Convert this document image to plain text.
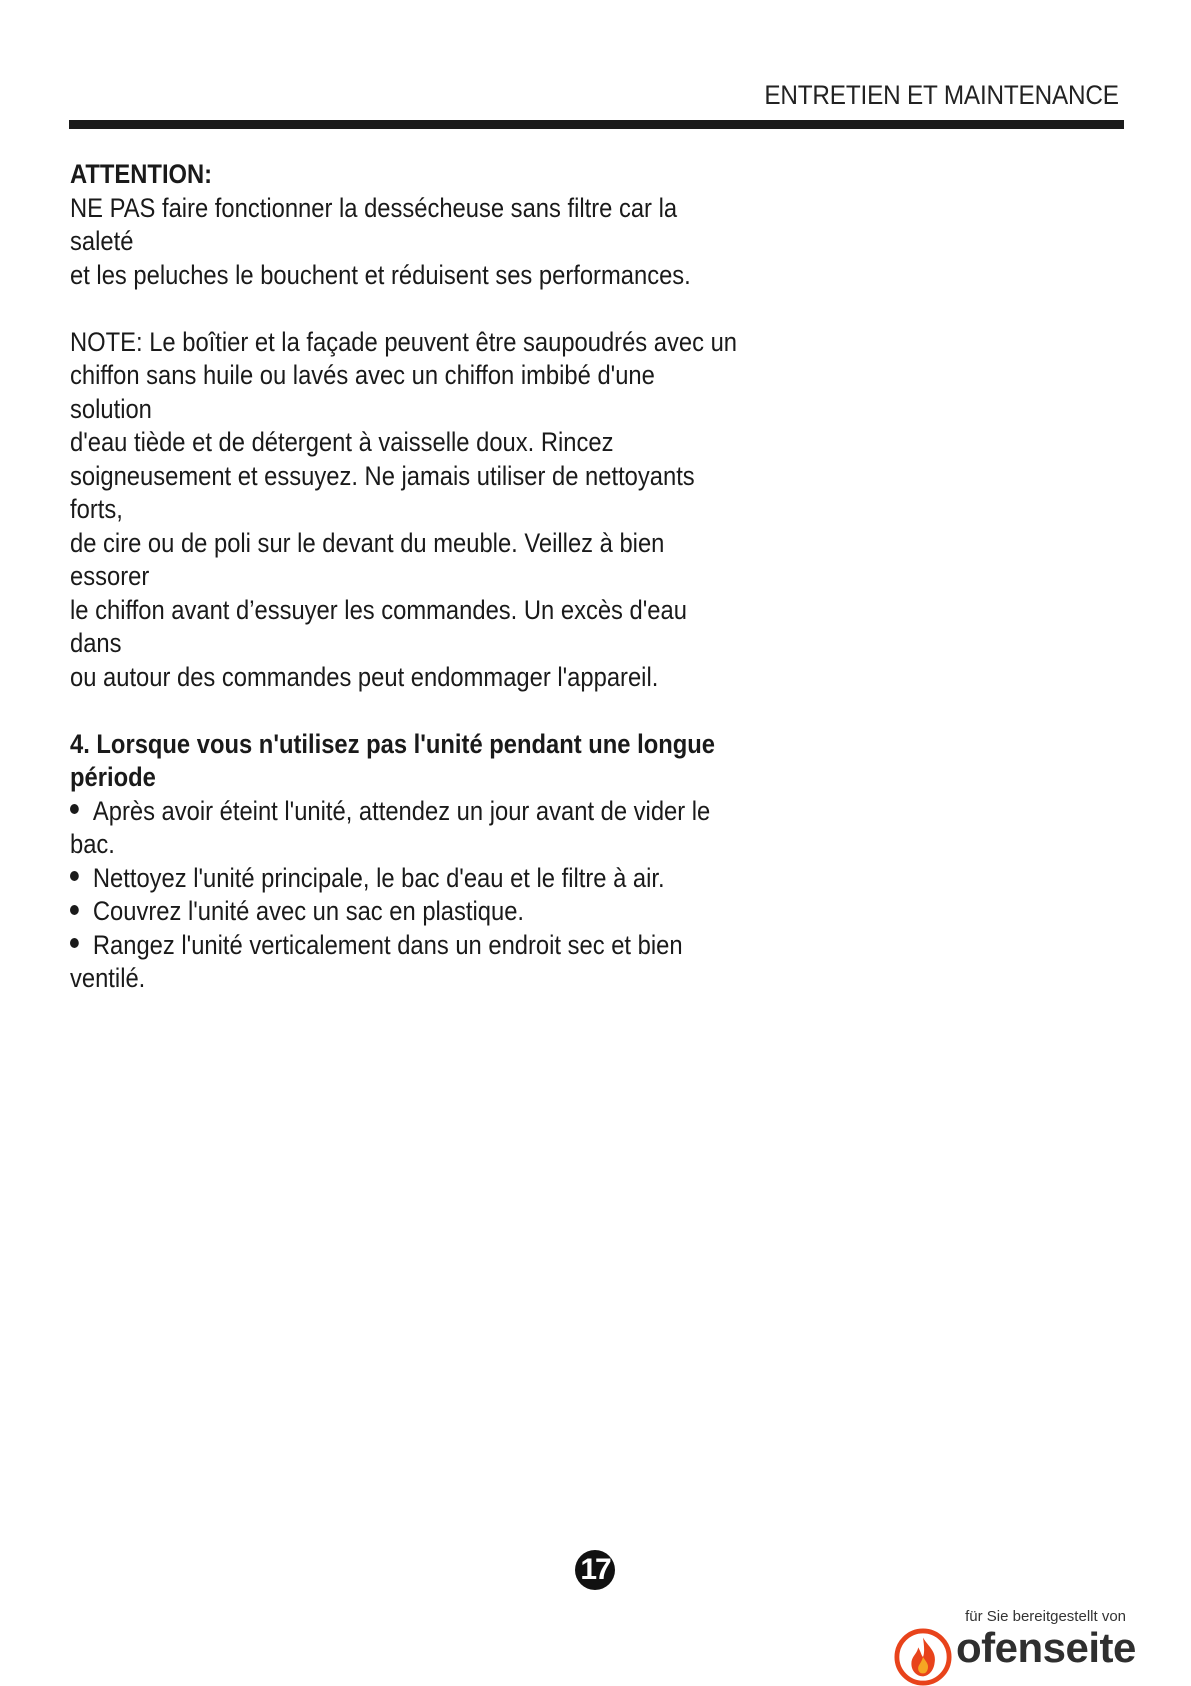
ENTRETIEN ET MAINTENANCE

ATTENTION:

NE PAS faire fonctionner la dessécheuse sans filtre car la saleté

et les peluches le bouchent et réduisent ses performances.

NOTE: Le boîtier et la façade peuvent être saupoudrés avec un

chiffon sans huile ou lavés avec un chiffon imbibé d'une solution

d'eau tiède et de détergent à vaisselle doux. Rincez

soigneusement et essuyez. Ne jamais utiliser de nettoyants forts,

de cire ou de poli sur le devant du meuble. Veillez à bien essorer

le chiffon avant d’essuyer les commandes. Un excès d'eau dans

ou autour des commandes peut endommager l'appareil.

4. Lorsque vous n'utilisez pas l'unité pendant une longue

période

Après avoir éteint l'unité, attendez un jour avant de vider le

bac.

Nettoyez l'unité principale, le bac d'eau et le filtre à air.

Couvrez l'unité avec un sac en plastique.

Rangez l'unité verticalement dans un endroit sec et bien

ventilé.

17
für Sie bereitgestellt von
ofenseite
